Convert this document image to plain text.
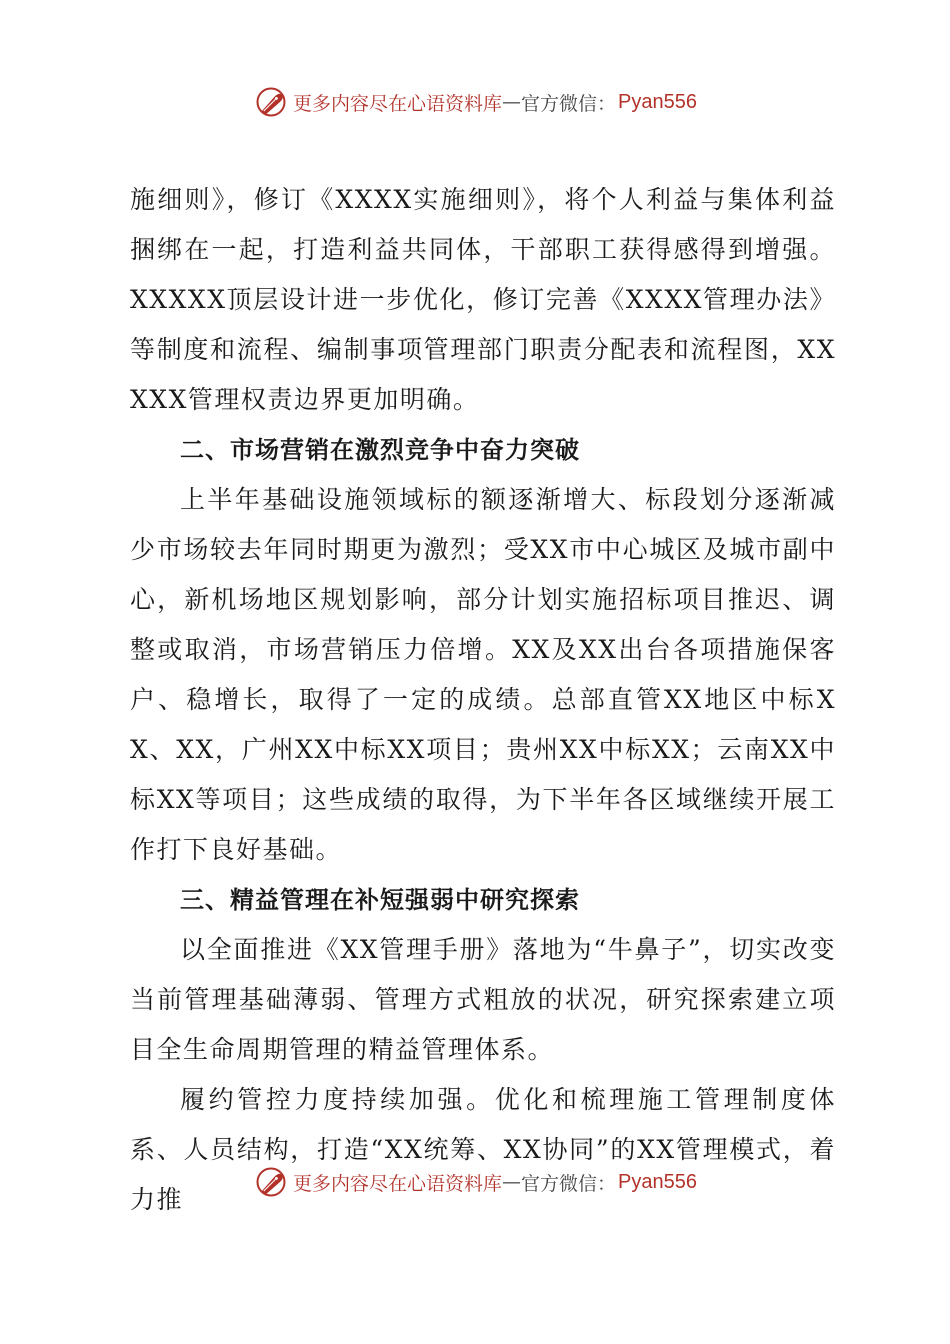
更多内容尽在心语资料库 — 官方微信： Pyan556

施细则》，修订《XXXX实施细则》，将个人利益与集体利益捆绑在一起，打造利益共同体，干部职工获得感得到增强。XXXXX顶层设计进一步优化，修订完善《XXXX管理办法》等制度和流程、编制事项管理部门职责分配表和流程图，XXXXX管理权责边界更加明确。

二、市场营销在激烈竞争中奋力突破

上半年基础设施领域标的额逐渐增大、标段划分逐渐减少市场较去年同时期更为激烈；受XX市中心城区及城市副中心，新机场地区规划影响，部分计划实施招标项目推迟、调整或取消，市场营销压力倍增。XX及XX出台各项措施保客户、稳增长，取得了一定的成绩。总部直管XX地区中标XX、XX，广州XX中标XX项目；贵州XX中标XX；云南XX中标XX等项目；这些成绩的取得，为下半年各区域继续开展工作打下良好基础。

三、精益管理在补短强弱中研究探索

以全面推进《XX管理手册》落地为“牛鼻子”，切实改变当前管理基础薄弱、管理方式粗放的状况，研究探索建立项目全生命周期管理的精益管理体系。

履约管控力度持续加强。优化和梳理施工管理制度体系、人员结构，打造“XX统筹、XX协同”的XX管理模式，着力推

更多内容尽在心语资料库 — 官方微信： Pyan556
